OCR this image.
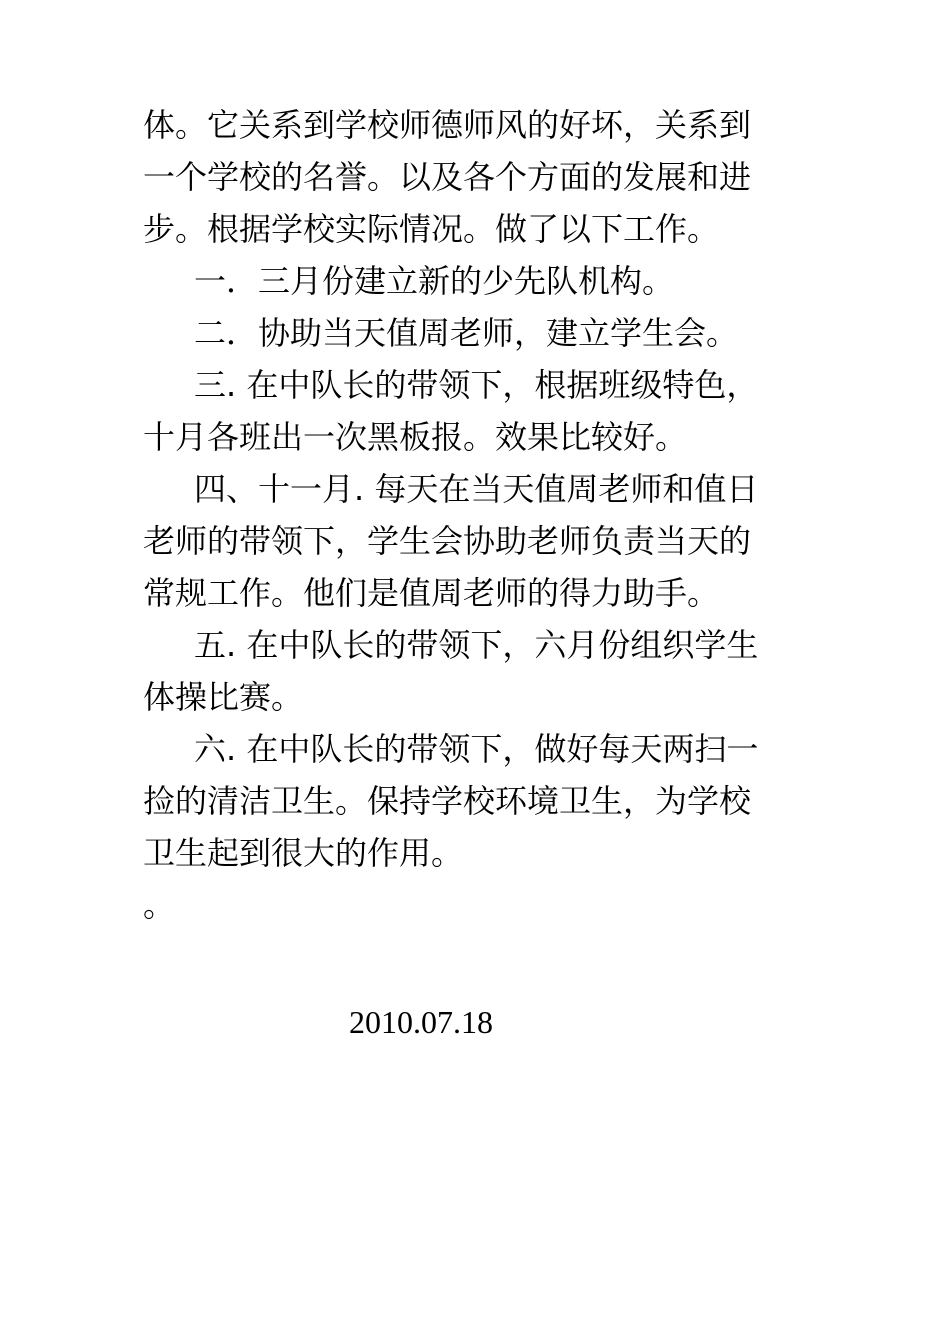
体。它关系到学校师德师风的好坏，关系到
一个学校的名誉。以及各个方面的发展和进
步。根据学校实际情况。做了以下工作。
一．三月份建立新的少先队机构。
二．协助当天值周老师，建立学生会。
三. 在中队长的带领下，根据班级特色，
十月各班出一次黑板报。效果比较好。
四、十一月. 每天在当天值周老师和值日
老师的带领下，学生会协助老师负责当天的
常规工作。他们是值周老师的得力助手。
五. 在中队长的带领下，六月份组织学生
体操比赛。
六. 在中队长的带领下，做好每天两扫一
捡的清洁卫生。保持学校环境卫生，为学校
卫生起到很大的作用。
。
2010.07.18
